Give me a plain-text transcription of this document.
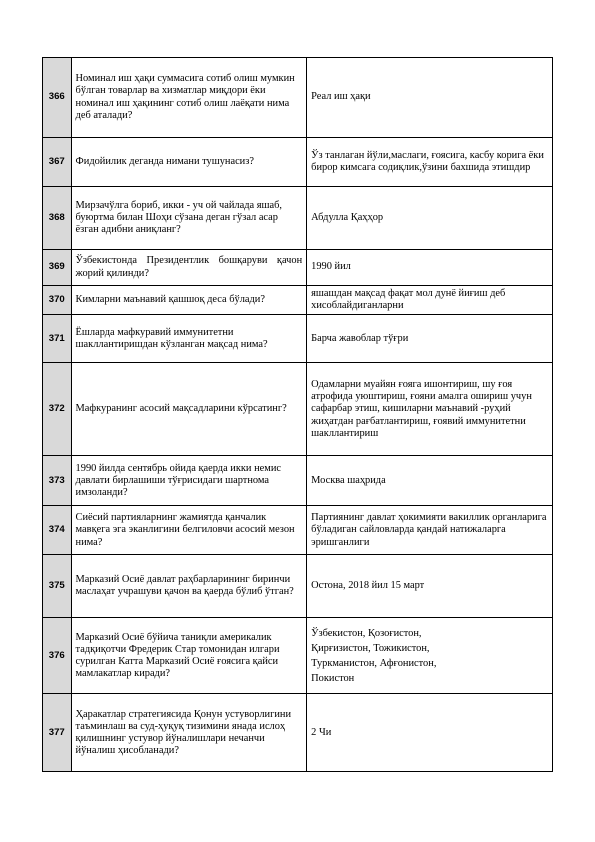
366	Номинал иш ҳақи суммасига сотиб олиш мумкин бўлган товарлар ва хизматлар миқдори ёки номинал иш ҳақининг сотиб олиш лаёқати нима деб аталади?	Реал иш ҳақи
367	Фидойилик деганда нимани тушунасиз?	Ўз танлаган йўли,маслаги, ғоясига, касбу корига ёки бирор кимсага содиқлик,ўзини бахшида этишдир
368	Мирзачўлга бориб, икки - уч ой чайлада яшаб, буюртма билан Шоҳи сўзана деган гўзал асар ёзган адибни аниқланг?	Абдулла Қаҳҳор
369	Ўзбекистонда Президентлик бошқаруви қачон жорий қилинди?	1990 йил
370	Кимларни маънавий қашшоқ деса бўлади?	яшашдан мақсад фақат мол дунё йиғиш деб хисоблайдиганларни
371	Ёшларда мафкуравий иммунитетни шакллантиришдан кўзланган мақсад нима?	Барча жавоблар тўғри
372	Мафкуранинг асосий мақсадларини кўрсатинг?	Одамларни муайян ғояга ишонтириш, шу ғоя атрофида уюштириш, ғояни амалга ошириш учун сафарбар этиш, кишиларни маънавий -руҳий жиҳатдан рағбатлантириш, ғоявий иммунитетни шакллантириш
373	1990 йилда сентябрь ойида қаерда икки немис давлати бирлашиши тўғрисидаги шартнома имзоланди?	Москва шаҳрида
374	Сиёсий партияларнинг жамиятда қанчалик мавқега эга эканлигини белгиловчи асосий мезон нима?	Партиянинг давлат ҳокимияти вакиллик органларига бўладиган сайловларда қандай натижаларга эришганлиги
375	Марказий Осиё давлат раҳбарларининг биринчи маслаҳат учрашуви қачон ва қаерда бўлиб ўтган?	Остона, 2018 йил 15 март
376	Марказий Осиё бўйича таниқли америкалик тадқиқотчи Фредерик Стар томонидан илгари сурилган Катта Марказий Осиё ғоясига қайси мамлакатлар киради?	Ўзбекистон, Қозоғистон,
Қирғизистон, Тожикистон,
Туркманистон, Афғонистон,
Покистон

377	Ҳаракатлар стратегиясида Қонун устуворлигини таъминлаш ва суд-ҳуқуқ тизимини янада ислоҳ қилишнинг устувор йўналишлари нечанчи йўналиш ҳисобланади?	2 Чи
